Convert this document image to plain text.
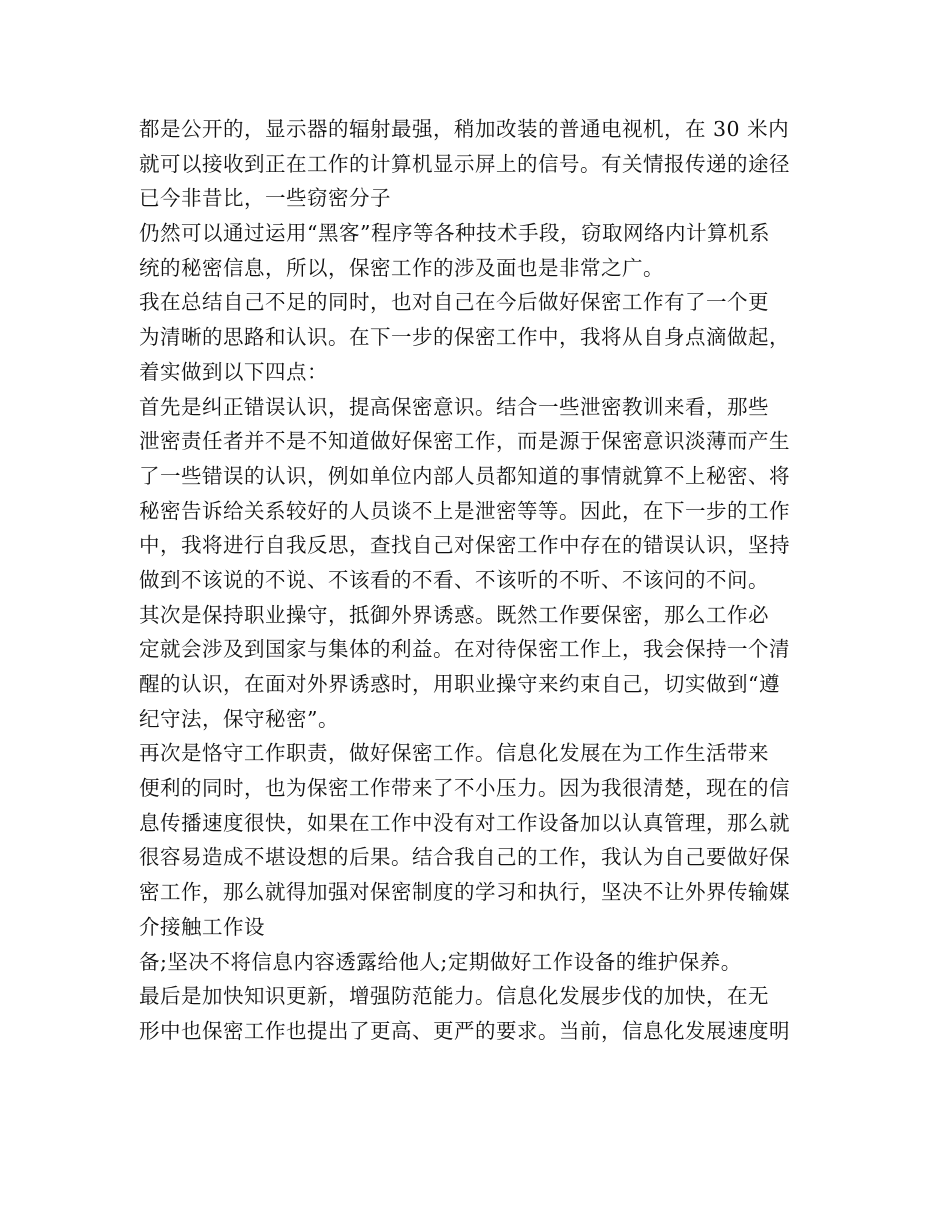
都是公开的，显示器的辐射最强，稍加改装的普通电视机，在 30 米内
就可以接收到正在工作的计算机显示屏上的信号。有关情报传递的途径
已今非昔比，一些窃密分子
仍然可以通过运用“黑客”程序等各种技术手段，窃取网络内计算机系
统的秘密信息，所以，保密工作的涉及面也是非常之广。
我在总结自己不足的同时，也对自己在今后做好保密工作有了一个更
为清晰的思路和认识。在下一步的保密工作中，我将从自身点滴做起，
着实做到以下四点：
首先是纠正错误认识，提高保密意识。结合一些泄密教训来看，那些
泄密责任者并不是不知道做好保密工作，而是源于保密意识淡薄而产生
了一些错误的认识，例如单位内部人员都知道的事情就算不上秘密、将
秘密告诉给关系较好的人员谈不上是泄密等等。因此，在下一步的工作
中，我将进行自我反思，查找自己对保密工作中存在的错误认识，坚持
做到不该说的不说、不该看的不看、不该听的不听、不该问的不问。
其次是保持职业操守，抵御外界诱惑。既然工作要保密，那么工作必
定就会涉及到国家与集体的利益。在对待保密工作上，我会保持一个清
醒的认识，在面对外界诱惑时，用职业操守来约束自己，切实做到“遵
纪守法，保守秘密”。
再次是恪守工作职责，做好保密工作。信息化发展在为工作生活带来
便利的同时，也为保密工作带来了不小压力。因为我很清楚，现在的信
息传播速度很快，如果在工作中没有对工作设备加以认真管理，那么就
很容易造成不堪设想的后果。结合我自己的工作，我认为自己要做好保
密工作，那么就得加强对保密制度的学习和执行，坚决不让外界传输媒
介接触工作设
备;坚决不将信息内容透露给他人;定期做好工作设备的维护保养。
最后是加快知识更新，增强防范能力。信息化发展步伐的加快，在无
形中也保密工作也提出了更高、更严的要求。当前，信息化发展速度明
